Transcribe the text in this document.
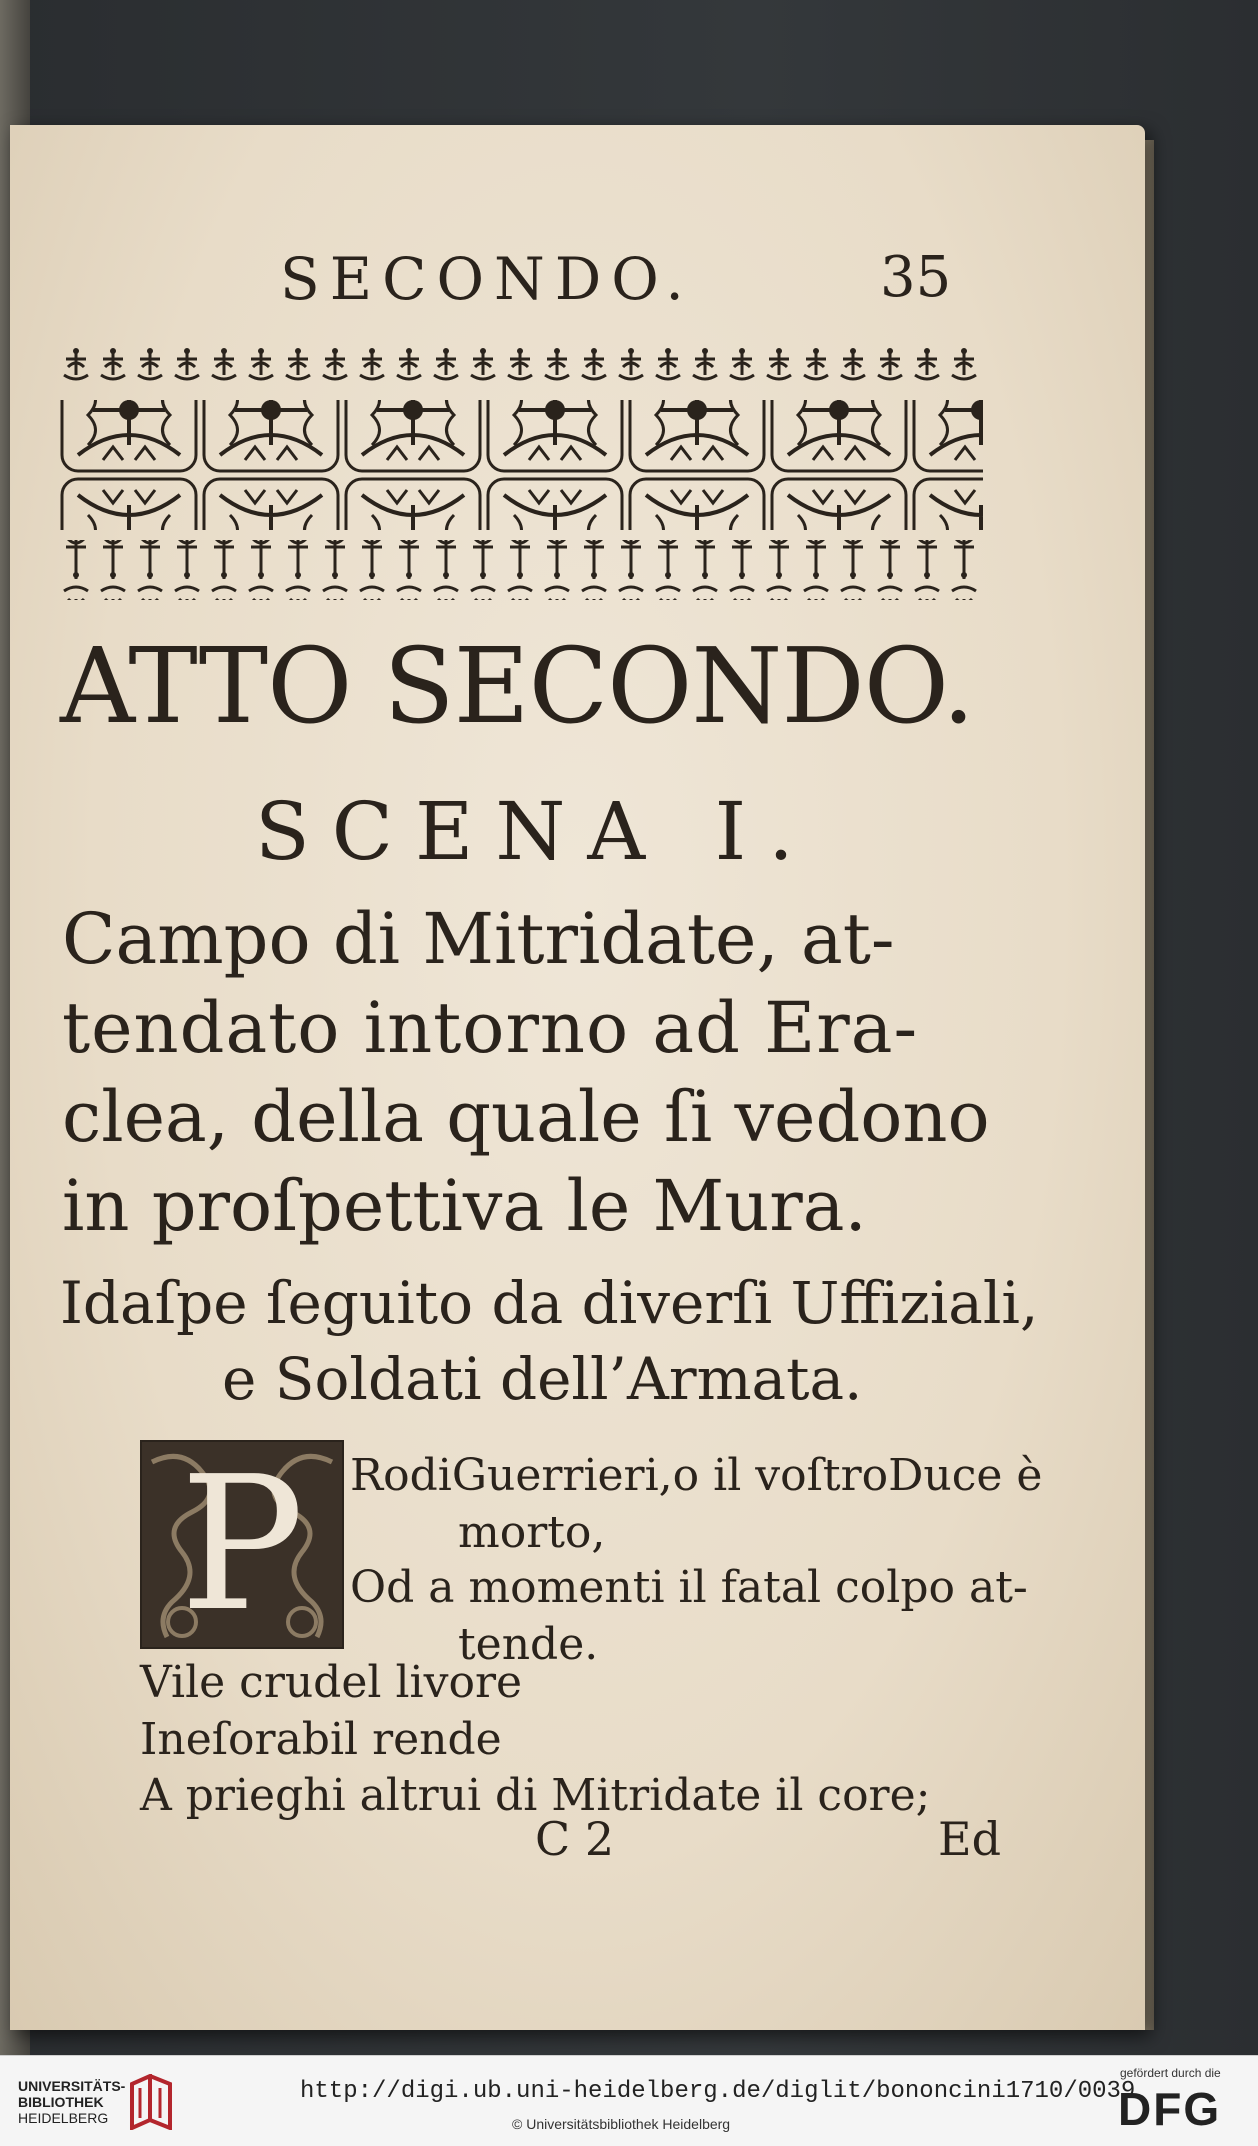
SECONDO.	35
ATTO SECONDO.
SCENA I.
Campo di Mitridate, at-
tendato intorno ad Era-
clea, della quale ſi vedono
in proſpettiva le Mura.
Idaſpe ſeguito da diverſi Uffiziali,
e Soldati dell’Armata.
P	RodiGuerrieri,o il voſtroDuce è
morto,
Od a momenti il fatal colpo at-
tende.
Vile crudel livore
Ineſorabil rende
A prieghi altrui di Mitridate il core;
C 2	Ed
UNIVERSITÄTS-
BIBLIOTHEK
HEIDELBERG
http://digi.ub.uni-heidelberg.de/diglit/bononcini1710/0039
© Universitätsbibliothek Heidelberg
gefördert durch die
DFG
